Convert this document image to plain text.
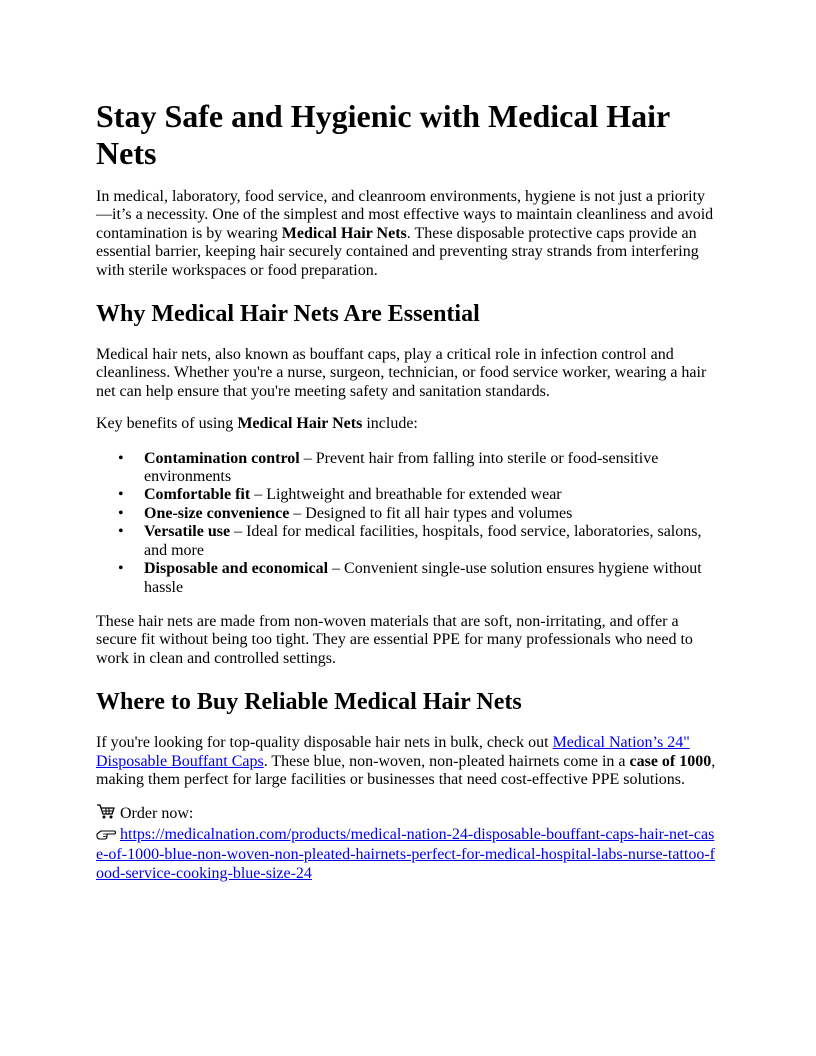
Stay Safe and Hygienic with Medical Hair Nets

In medical, laboratory, food service, and cleanroom environments, hygiene is not just a priority—it’s a necessity. One of the simplest and most effective ways to maintain cleanliness and avoid contamination is by wearing Medical Hair Nets. These disposable protective caps provide an essential barrier, keeping hair securely contained and preventing stray strands from interfering with sterile workspaces or food preparation.

Why Medical Hair Nets Are Essential

Medical hair nets, also known as bouffant caps, play a critical role in infection control and cleanliness. Whether you're a nurse, surgeon, technician, or food service worker, wearing a hair net can help ensure that you're meeting safety and sanitation standards.

Key benefits of using Medical Hair Nets include:

• Contamination control – Prevent hair from falling into sterile or food-sensitive environments
• Comfortable fit – Lightweight and breathable for extended wear
• One-size convenience – Designed to fit all hair types and volumes
• Versatile use – Ideal for medical facilities, hospitals, food service, laboratories, salons, and more
• Disposable and economical – Convenient single-use solution ensures hygiene without hassle

These hair nets are made from non-woven materials that are soft, non-irritating, and offer a secure fit without being too tight. They are essential PPE for many professionals who need to work in clean and controlled settings.

Where to Buy Reliable Medical Hair Nets

If you're looking for top-quality disposable hair nets in bulk, check out Medical Nation’s 24" Disposable Bouffant Caps. These blue, non-woven, non-pleated hairnets come in a case of 1000, making them perfect for large facilities or businesses that need cost-effective PPE solutions.

Order now:

https://medicalnation.com/products/medical-nation-24-disposable-bouffant-caps-hair-net-case-of-1000-blue-non-woven-non-pleated-hairnets-perfect-for-medical-hospital-labs-nurse-tattoo-food-service-cooking-blue-size-24
